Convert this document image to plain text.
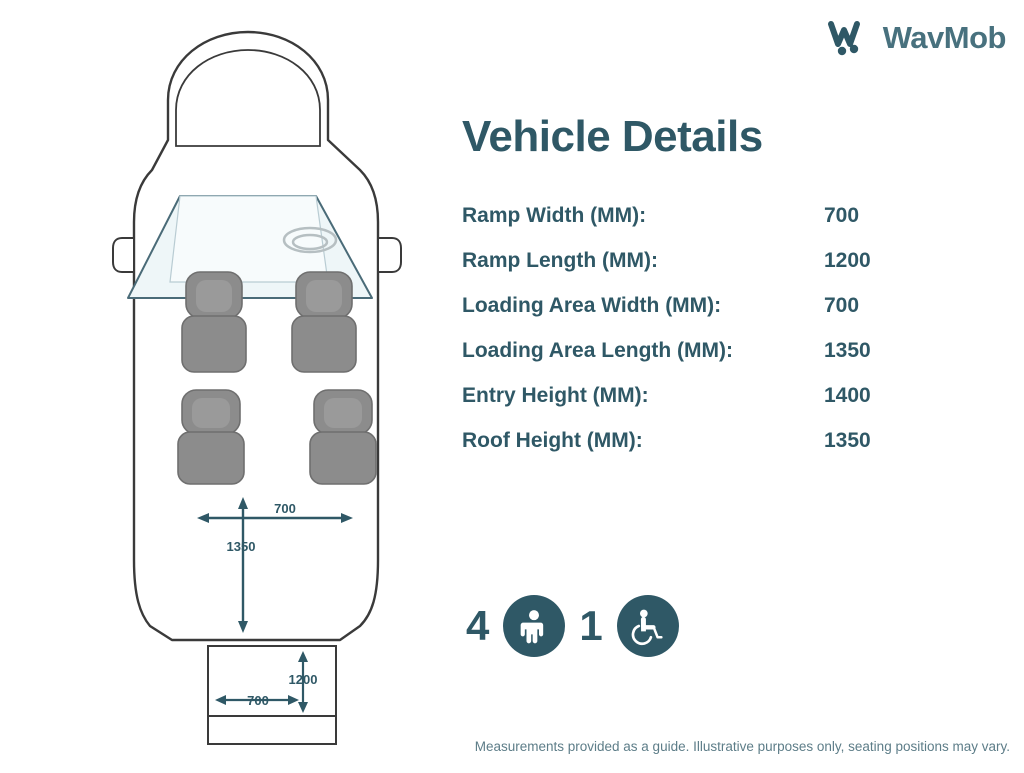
WavMob
700
1350
1200
700
Vehicle Details
Ramp Width (MM):	700
Ramp Length (MM):	1200
Loading Area Width (MM):	700
Loading Area Length (MM):	1350
Entry Height (MM):	1400
Roof Height (MM):	1350
4 1
Measurements provided as a guide. Illustrative purposes only, seating positions may vary.
